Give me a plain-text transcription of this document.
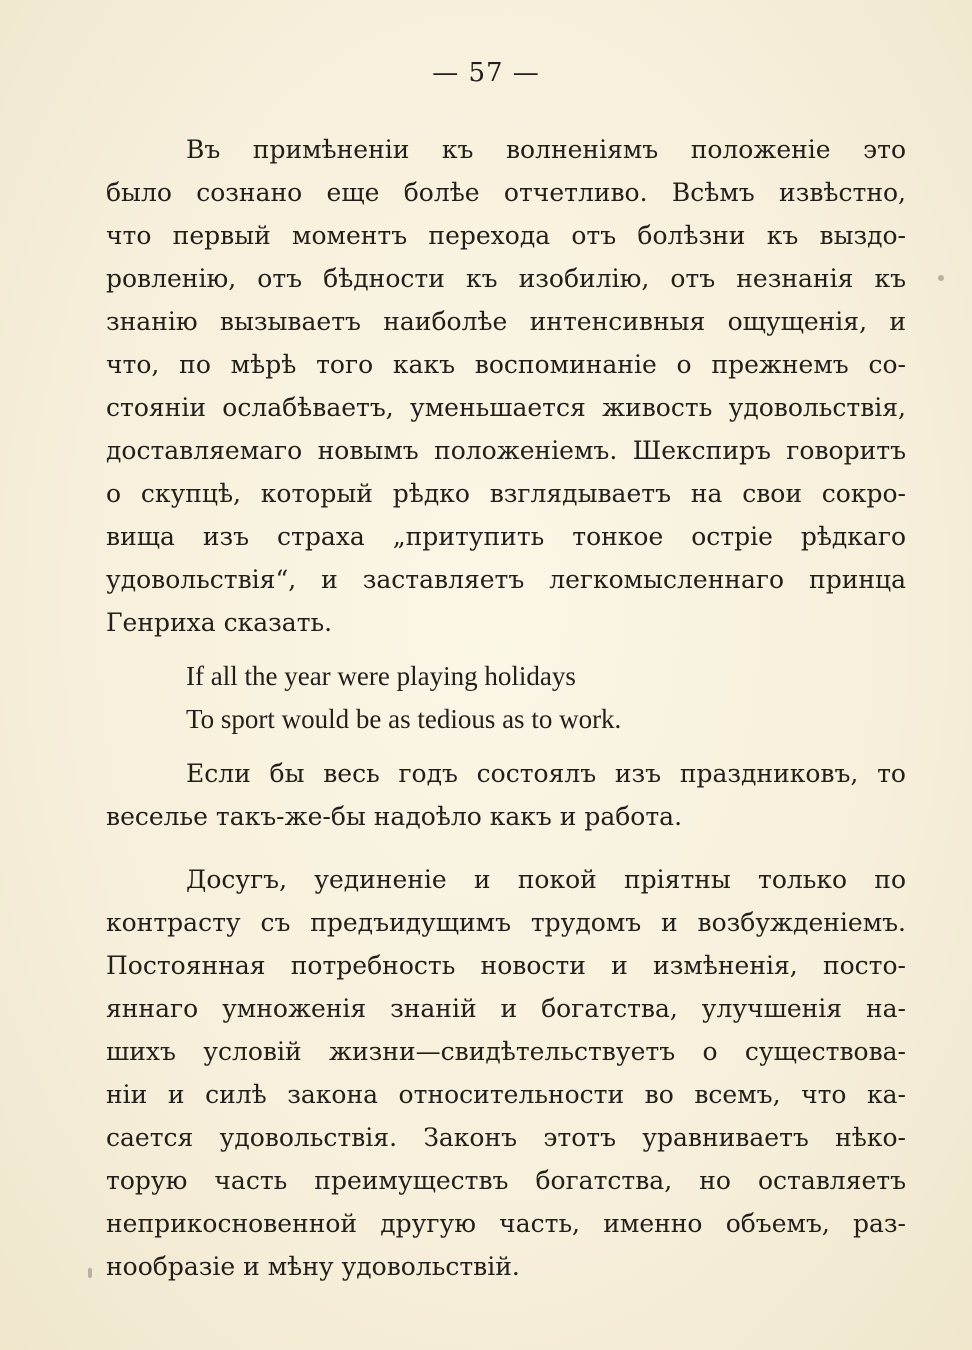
— 57 —
Въ примѣненіи къ волненіямъ положеніе это
было сознано еще болѣе отчетливо. Всѣмъ извѣстно,
что первый моментъ перехода отъ болѣзни къ выздо-
ровленію, отъ бѣдности къ изобилію, отъ незнанія къ
знанію вызываетъ наиболѣе интенсивныя ощущенія, и
что, по мѣрѣ того какъ воспоминаніе о прежнемъ со-
стояніи ослабѣваетъ, уменьшается живость удовольствія,
доставляемаго новымъ положеніемъ. Шекспиръ говоритъ
о скупцѣ, который рѣдко взглядываетъ на свои сокро-
вища изъ страха „притупить тонкое остріе рѣдкаго
удовольствія“, и заставляетъ легкомысленнаго принца
Генриха сказать.
If all the year were playing holidays
To sport would be as tedious as to work.
Если бы весь годъ состоялъ изъ праздниковъ, то
веселье такъ-же-бы надоѣло какъ и работа.
Досугъ, уединеніе и покой пріятны только по
контрасту съ предъидущимъ трудомъ и возбужденіемъ.
Постоянная потребность новости и измѣненія, посто-
яннаго умноженія знаній и богатства, улучшенія на-
шихъ условій жизни—свидѣтельствуетъ о существова-
ніи и силѣ закона относительности во всемъ, что ка-
сается удовольствія. Законъ этотъ уравниваетъ нѣко-
торую часть преимуществъ богатства, но оставляетъ
неприкосновенной другую часть, именно объемъ, раз-
нообразіе и мѣну удовольствій.
